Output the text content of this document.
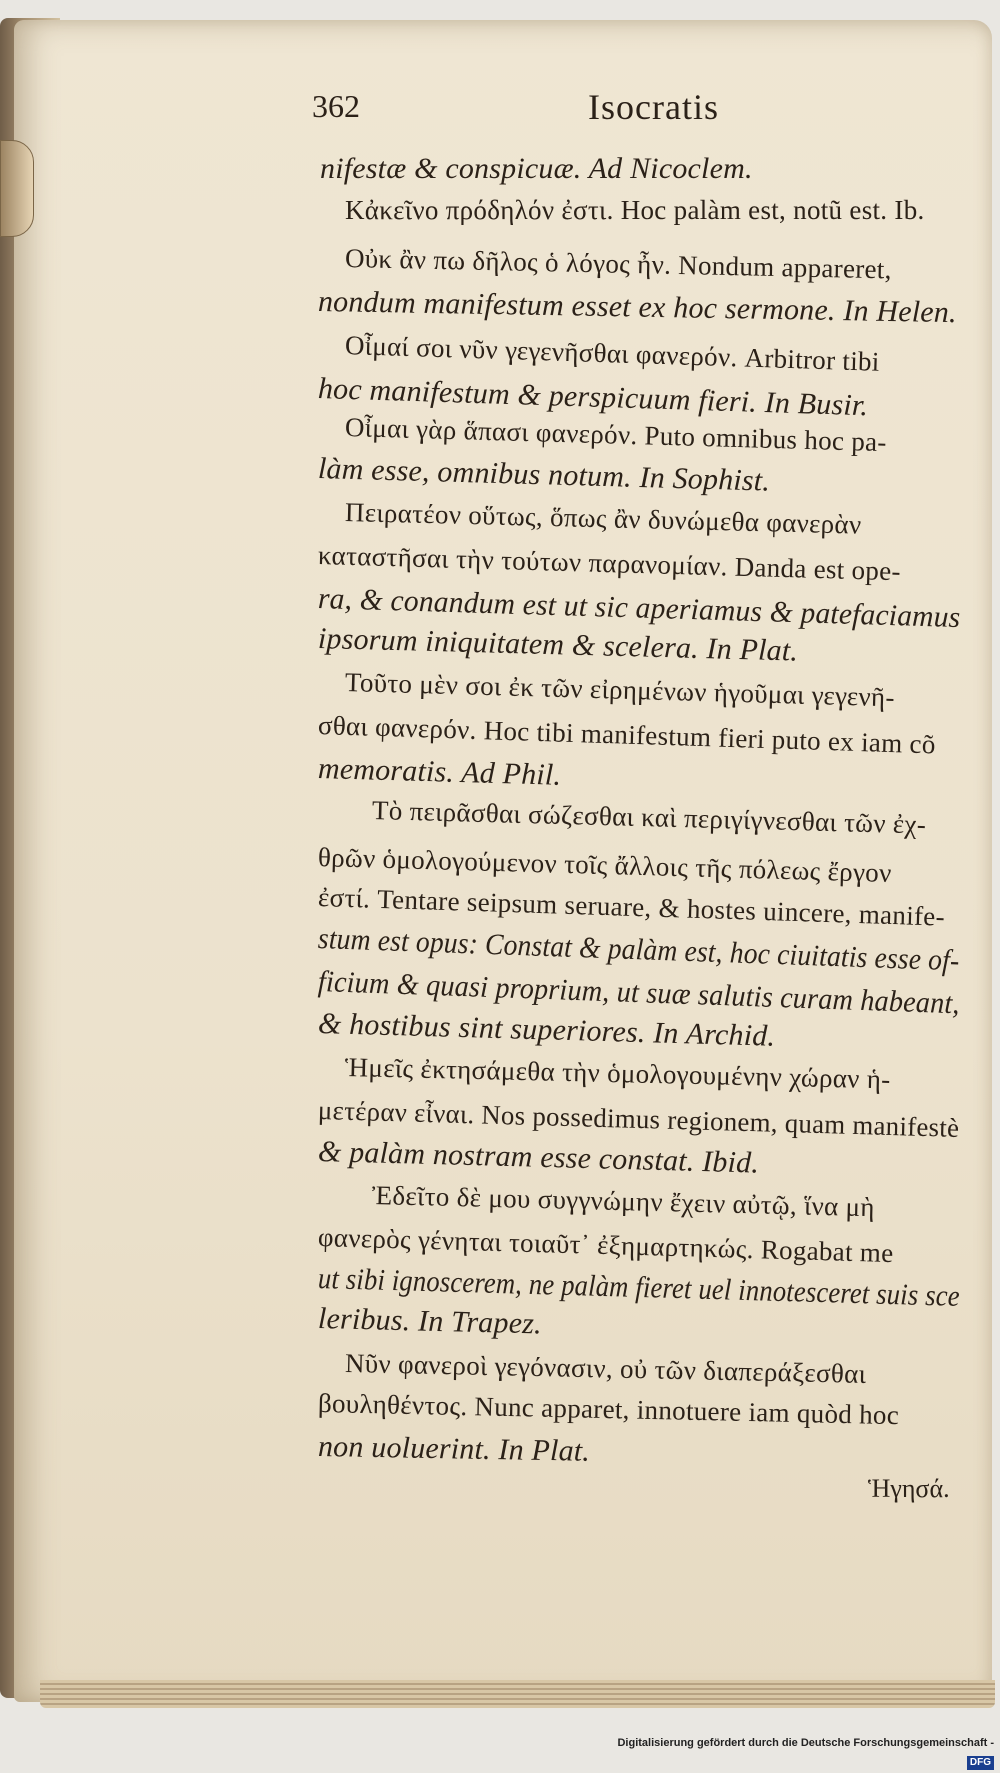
362	Isocratis
nifestæ & conspicuæ. Ad Nicoclem.
Κἀκεῖνο πρόδηλόν ἐστι. Hoc palàm est, notũ est. Ib.
Οὐκ ἂν πω δῆλος ὁ λόγος ἦν. Nondum appareret,
nondum manifestum esset ex hoc sermone. In Helen.
Οἶμαί σοι νῦν γεγενῆσθαι φανερόν. Arbitror tibi
hoc manifestum & perspicuum fieri. In Busir.
Οἶμαι γὰρ ἅπασι φανερόν. Puto omnibus hoc pa-
làm esse, omnibus notum. In Sophist.
Πειρατέον οὕτως, ὅπως ἂν δυνώμεθα φανερὰν
καταστῆσαι τὴν τούτων παρανομίαν. Danda est ope-
ra, & conandum est ut sic aperiamus & patefaciamus
ipsorum iniquitatem & scelera. In Plat.
Τοῦτο μὲν σοι ἐκ τῶν εἰρημένων ἡγοῦμαι γεγενῆ-
σθαι φανερόν. Hoc tibi manifestum fieri puto ex iam cõ
memoratis. Ad Phil.
Τὸ πειρᾶσθαι σώζεσθαι καὶ περιγίγνεσθαι τῶν ἐχ-
θρῶν ὁμολογούμενον τοῖς ἄλλοις τῆς πόλεως ἔργον
ἐστί. Tentare seipsum seruare, & hostes uincere, manife-
stum est opus: Constat & palàm est, hoc ciuitatis esse of-
ficium & quasi proprium, ut suæ salutis curam habeant,
& hostibus sint superiores. In Archid.
Ἡμεῖς ἐκτησάμεθα τὴν ὁμολογουμένην χώραν ἡ-
μετέραν εἶναι. Nos possedimus regionem, quam manifestè
& palàm nostram esse constat. Ibid.
Ἐδεῖτο δὲ μου συγγνώμην ἔχειν αὐτῷ, ἵνα μὴ
φανερὸς γένηται τοιαῦτ᾽ ἐξημαρτηκώς. Rogabat me
ut sibi ignoscerem, ne palàm fieret uel innotesceret suis sce
leribus. In Trapez.
Νῦν φανεροὶ γεγόνασιν, οὐ τῶν διαπεράξεσθαι
βουληθέντος. Nunc apparet, innotuere iam quòd hoc
non uoluerint. In Plat.
Ἡγησά.
Digitalisierung gefördert durch die Deutsche Forschungsgemeinschaft -DFG
